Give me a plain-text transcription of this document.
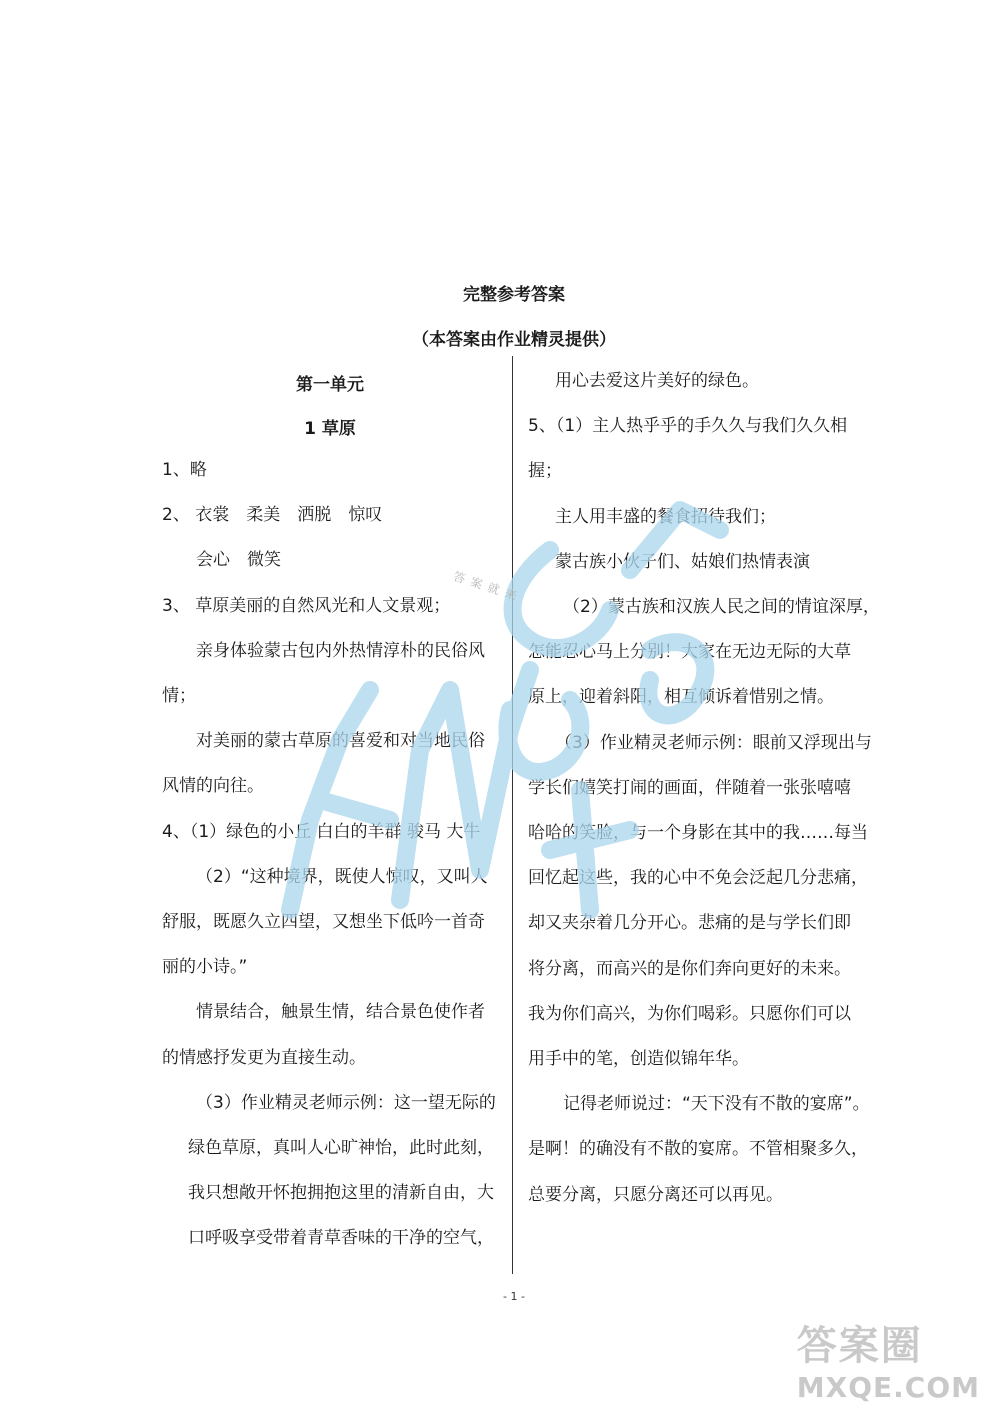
完整参考答案
（本答案由作业精灵提供）
第一单元
1 草原
1、略
2、 衣裳　柔美　洒脱　惊叹
会心　微笑
3、 草原美丽的自然风光和人文景观；
亲身体验蒙古包内外热情淳朴的民俗风
情；
对美丽的蒙古草原的喜爱和对当地民俗
风情的向往。
4、（1）绿色的小丘 白白的羊群 骏马 大牛
（2）“这种境界，既使人惊叹，又叫人
舒服，既愿久立四望，又想坐下低吟一首奇
丽的小诗。”
情景结合，触景生情，结合景色使作者
的情感抒发更为直接生动。
（3）作业精灵老师示例：这一望无际的
绿色草原，真叫人心旷神怡，此时此刻，
我只想敞开怀抱拥抱这里的清新自由，大
口呼吸享受带着青草香味的干净的空气，
用心去爱这片美好的绿色。
5、（1）主人热乎乎的手久久与我们久久相
握；
主人用丰盛的餐食招待我们；
蒙古族小伙子们、姑娘们热情表演
（2）蒙古族和汉族人民之间的情谊深厚，
怎能忍心马上分别！大家在无边无际的大草
原上，迎着斜阳，相互倾诉着惜别之情。
（3）作业精灵老师示例：眼前又浮现出与
学长们嬉笑打闹的画面，伴随着一张张嘻嘻
哈哈的笑脸，与一个身影在其中的我……每当
回忆起这些，我的心中不免会泛起几分悲痛，
却又夹杂着几分开心。悲痛的是与学长们即
将分离，而高兴的是你们奔向更好的未来。
我为你们高兴，为你们喝彩。只愿你们可以
用手中的笔，创造似锦年华。
记得老师说过：“天下没有不散的宴席”。
是啊！的确没有不散的宴席。不管相聚多久，
总要分离，只愿分离还可以再见。
- 1 -
答案就来
答案圈
MXQE.COM
